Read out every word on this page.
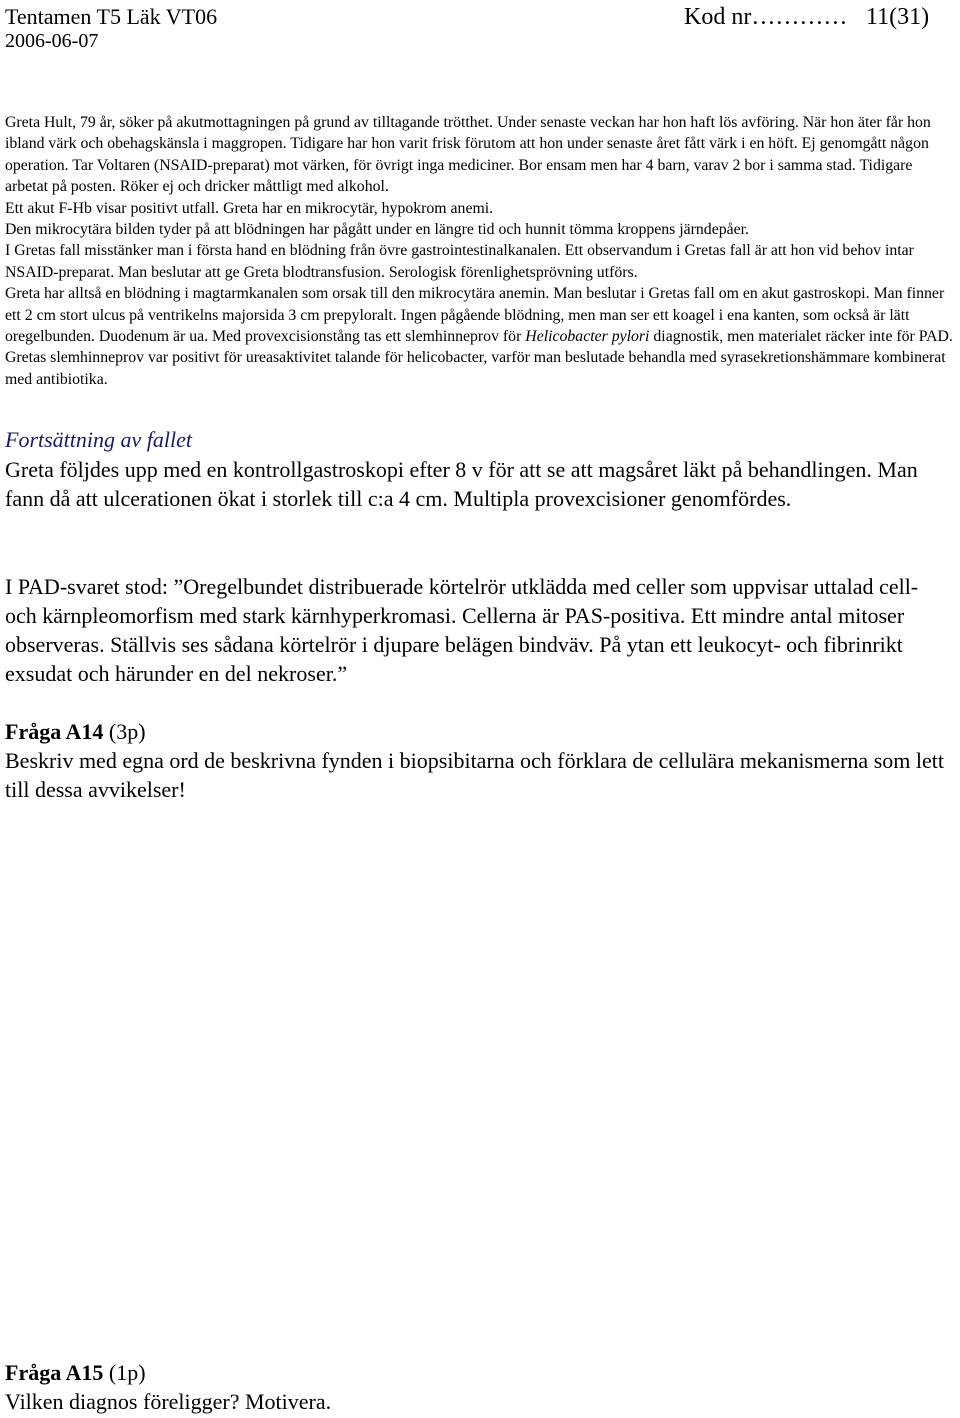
Tentamen T5 Läk VT06	Kod nr………… 11(31)
2006-06-07
Greta Hult, 79 år, söker på akutmottagningen på grund av tilltagande trötthet. Under senaste veckan har hon haft lös avföring. När hon äter får hon ibland värk och obehagskänsla i maggropen. Tidigare har hon varit frisk förutom att hon under senaste året fått värk i en höft. Ej genomgått någon operation. Tar Voltaren (NSAID-preparat) mot värken, för övrigt inga mediciner. Bor ensam men har 4 barn, varav 2 bor i samma stad. Tidigare arbetat på posten. Röker ej och dricker måttligt med alkohol.
Ett akut F-Hb visar positivt utfall. Greta har en mikrocytär, hypokrom anemi.
Den mikrocytära bilden tyder på att blödningen har pågått under en längre tid och hunnit tömma kroppens järndepåer.
I Gretas fall misstänker man i första hand en blödning från övre gastrointestinalkanalen. Ett observandum i Gretas fall är att hon vid behov intar NSAID-preparat. Man beslutar att ge Greta blodtransfusion. Serologisk förenlighetsprövning utförs.
Greta har alltså en blödning i magtarmkanalen som orsak till den mikrocytära anemin. Man beslutar i Gretas fall om en akut gastroskopi. Man finner ett 2 cm stort ulcus på ventrikelns majorsida 3 cm prepyloralt. Ingen pågående blödning, men man ser ett koagel i ena kanten, som också är lätt oregelbunden. Duodenum är ua. Med provexcisionstång tas ett slemhinneprov för Helicobacter pylori diagnostik, men materialet räcker inte för PAD. Gretas slemhinneprov var positivt för ureasaktivitet talande för helicobacter, varför man beslutade behandla med syrasekretionshämmare kombinerat med antibiotika.
Fortsättning av fallet
Greta följdes upp med en kontrollgastroskopi efter 8 v för att se att magsåret läkt på behandlingen. Man fann då att ulcerationen ökat i storlek till c:a 4 cm. Multipla provexcisioner genomfördes.
I PAD-svaret stod: ”Oregelbundet distribuerade körtelrör utklädda med celler som uppvisar uttalad cell- och kärnpleomorfism med stark kärnhyperkromasi. Cellerna är PAS-positiva. Ett mindre antal mitoser observeras. Ställvis ses sådana körtelrör i djupare belägen bindväv. På ytan ett leukocyt- och fibrinrikt exsudat och härunder en del nekroser.”
Fråga A14 (3p)
Beskriv med egna ord de beskrivna fynden i biopsibitarna och förklara de cellulära mekanismerna som lett till dessa avvikelser!
Fråga A15 (1p)
Vilken diagnos föreligger? Motivera.
